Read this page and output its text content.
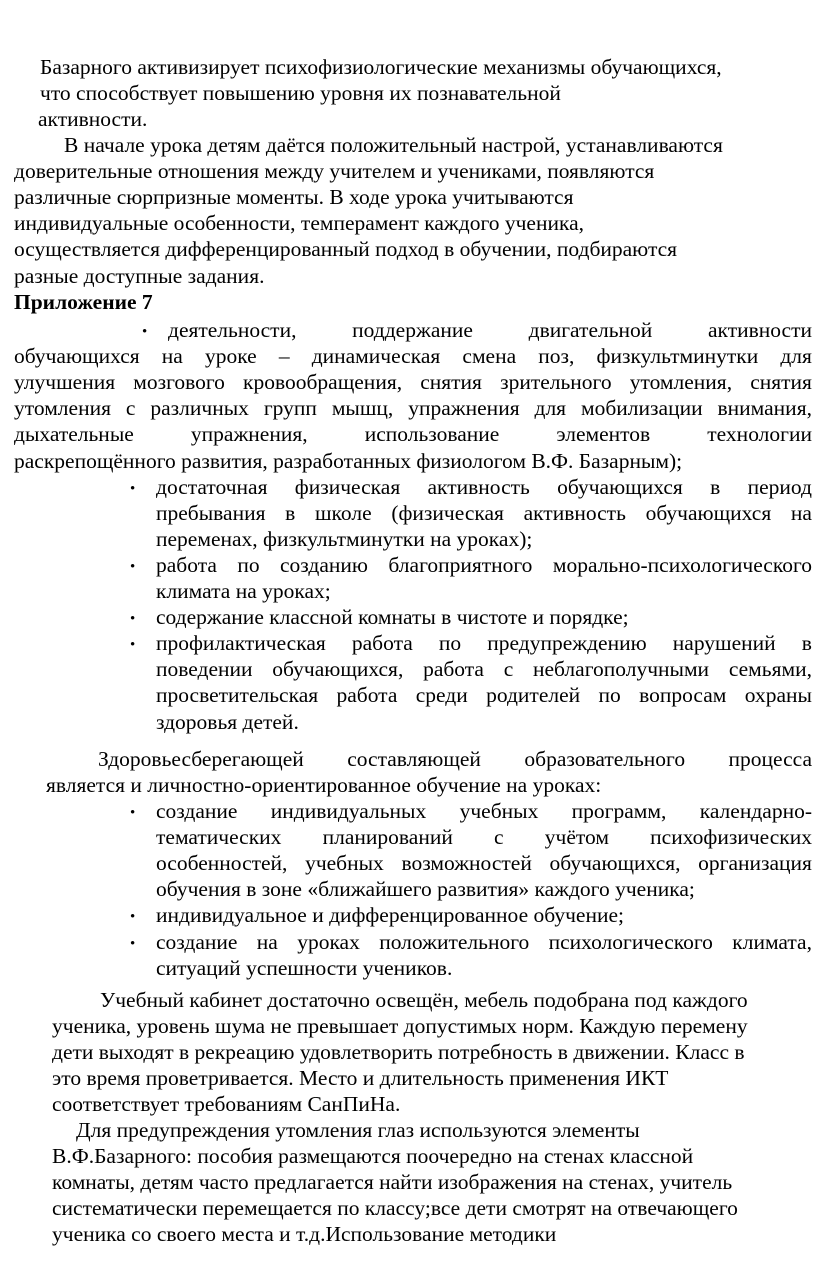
Базарного активизирует психофизиологические механизмы обучающихся,
что способствует повышению уровня их познавательной
активности.
В начале урока детям даётся положительный настрой, устанавливаются
доверительные отношения между учителем и учениками, появляются
различные сюрпризные моменты. В ходе урока учитываются
индивидуальные особенности, темперамент каждого ученика,
осуществляется дифференцированный подход в обучении, подбираются
разные доступные задания.
Приложение 7
• деятельности,	поддержание	двигательной	активности
обучающихся на уроке – динамическая смена поз, физкультминутки для
улучшения мозгового кровообращения, снятия зрительного утомления, снятия
утомления с различных групп мышц, упражнения для мобилизации внимания,
дыхательные	упражнения,	использование	элементов	технологии
раскрепощённого развития, разработанных физиологом В.Ф. Базарным);
• достаточная физическая активность обучающихся в период
пребывания в школе (физическая активность обучающихся на
переменах, физкультминутки на уроках);
• работа по созданию благоприятного морально-психологического
климата на уроках;
• содержание классной комнаты в чистоте и порядке;
• профилактическая работа по предупреждению нарушений в
поведении обучающихся, работа с неблагополучными семьями,
просветительская работа среди родителей по вопросам охраны
здоровья детей.
Здоровьесберегающей составляющей образовательного процесса
является и личностно-ориентированное обучение на уроках:
• создание индивидуальных учебных программ, календарно-
тематических планирований с учётом психофизических
особенностей, учебных возможностей обучающихся, организация
обучения в зоне «ближайшего развития» каждого ученика;
• индивидуальное и дифференцированное обучение;
• создание на уроках положительного психологического климата,
ситуаций успешности учеников.
Учебный кабинет достаточно освещён, мебель подобрана под каждого
ученика, уровень шума не превышает допустимых норм. Каждую перемену
дети выходят в рекреацию удовлетворить потребность в движении. Класс в
это время проветривается. Место и длительность применения ИКТ
соответствует требованиям СанПиНа.
Для предупреждения утомления глаз используются элементы
В.Ф.Базарного: пособия размещаются поочередно на стенах классной
комнаты, детям часто предлагается найти изображения на стенах, учитель
систематически перемещается по классу;все дети смотрят на отвечающего
ученика со своего места и т.д.Использование методики
